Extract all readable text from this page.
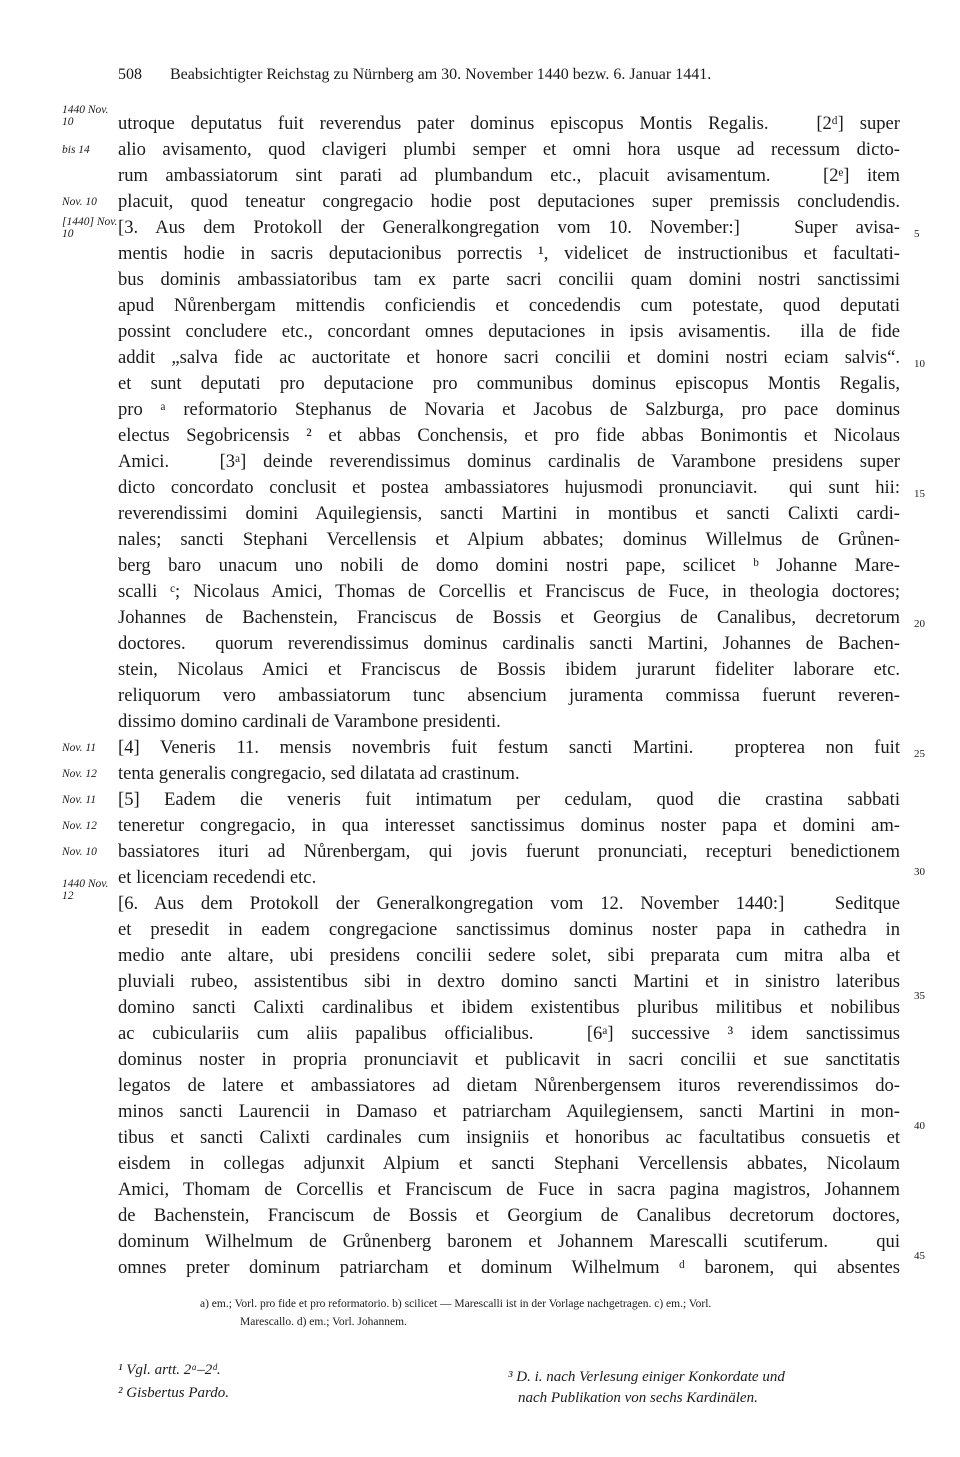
508 Beabsichtigter Reichstag zu Nürnberg am 30. November 1440 bezw. 6. Januar 1441.
utroque deputatus fuit reverendus pater dominus episcopus Montis Regalis.   [2ᵈ] super
alio avisamento, quod clavigeri plumbi semper et omni hora usque ad recessum dicto-
rum ambassiatorum sint parati ad plumbandum etc., placuit avisamentum.   [2ᵉ] item
placuit, quod teneatur congregacio hodie post deputaciones super premissis concludendis.
[3. Aus dem Protokoll der Generalkongregation vom 10. November:]   Super avisa-
mentis hodie in sacris deputacionibus porrectis ¹, videlicet de instructionibus et facultati-
bus dominis ambassiatoribus tam ex parte sacri concilii quam domini nostri sanctissimi
apud Nůrenbergam mittendis conficiendis et concedendis cum potestate, quod deputati
possint concludere etc., concordant omnes deputaciones in ipsis avisamentis.  illa de fide
addit „salva fide ac auctoritate et honore sacri concilii et domini nostri eciam salvis“.
et sunt deputati pro deputacione pro communibus dominus episcopus Montis Regalis,
pro ᵃ reformatorio Stephanus de Novaria et Jacobus de Salzburga, pro pace dominus
electus Segobricensis ² et abbas Conchensis, et pro fide abbas Bonimontis et Nicolaus
Amici.   [3ᵃ] deinde reverendissimus dominus cardinalis de Varambone presidens super
dicto concordato conclusit et postea ambassiatores hujusmodi pronunciavit.  qui sunt hii:
reverendissimi domini Aquilegiensis, sancti Martini in montibus et sancti Calixti cardi-
nales; sancti Stephani Vercellensis et Alpium abbates; dominus Willelmus de Grůnen-
berg baro unacum uno nobili de domo domini nostri pape, scilicet ᵇ Johanne Mare-
scalli ᶜ; Nicolaus Amici, Thomas de Corcellis et Franciscus de Fuce, in theologia doctores;
Johannes de Bachenstein, Franciscus de Bossis et Georgius de Canalibus, decretorum
doctores.  quorum reverendissimus dominus cardinalis sancti Martini, Johannes de Bachen-
stein, Nicolaus Amici et Franciscus de Bossis ibidem jurarunt fideliter laborare etc.
reliquorum vero ambassiatorum tunc absencium juramenta commissa fuerunt reveren-
dissimo domino cardinali de Varambone presidenti.
[4] Veneris 11. mensis novembris fuit festum sancti Martini.  propterea non fuit
tenta generalis congregacio, sed dilatata ad crastinum.
[5] Eadem die veneris fuit intimatum per cedulam, quod die crastina sabbati
teneretur congregacio, in qua interesset sanctissimus dominus noster papa et domini am-
bassiatores ituri ad Nůrenbergam, qui jovis fuerunt pronunciati, recepturi benedictionem
et licenciam recedendi etc.
[6. Aus dem Protokoll der Generalkongregation vom 12. November 1440:]   Seditque
et presedit in eadem congregacione sanctissimus dominus noster papa in cathedra in
medio ante altare, ubi presidens concilii sedere solet, sibi preparata cum mitra alba et
pluviali rubeo, assistentibus sibi in dextro domino sancti Martini et in sinistro lateribus
domino sancti Calixti cardinalibus et ibidem existentibus pluribus militibus et nobilibus
ac cubiculariis cum aliis papalibus officialibus.   [6ᵃ] successive ³ idem sanctissimus
dominus noster in propria pronunciavit et publicavit in sacri concilii et sue sanctitatis
legatos de latere et ambassiatores ad dietam Nůrenbergensem ituros reverendissimos do-
minos sancti Laurencii in Damaso et patriarcham Aquilegiensem, sancti Martini in mon-
tibus et sancti Calixti cardinales cum insigniis et honoribus ac facultatibus consuetis et
eisdem in collegas adjunxit Alpium et sancti Stephani Vercellensis abbates, Nicolaum
Amici, Thomam de Corcellis et Franciscum de Fuce in sacra pagina magistros, Johannem
de Bachenstein, Franciscum de Bossis et Georgium de Canalibus decretorum doctores,
dominum Wilhelmum de Grůnenberg baronem et Johannem Marescalli scutiferum.   qui
omnes preter dominum patriarcham et dominum Wilhelmum ᵈ baronem, qui absentes
1440 Nov. 10
bis 14
Nov. 10
[1440] Nov. 10
Nov. 11
Nov. 12
Nov. 11
Nov. 12
Nov. 10
1440 Nov. 12
5
10
15
20
25
30
35
40
45
a) em.; Vorl. pro fide et pro reformatorio. b) scilicet — Marescalli ist in der Vorlage nachgetragen. c) em.; Vorl.
Marescallo. d) em.; Vorl. Johannem.
¹ Vgl. artt. 2ᵃ–2ᵈ.
² Gisbertus Pardo.
³ D. i. nach Verlesung einiger Konkordate und
nach Publikation von sechs Kardinälen.
